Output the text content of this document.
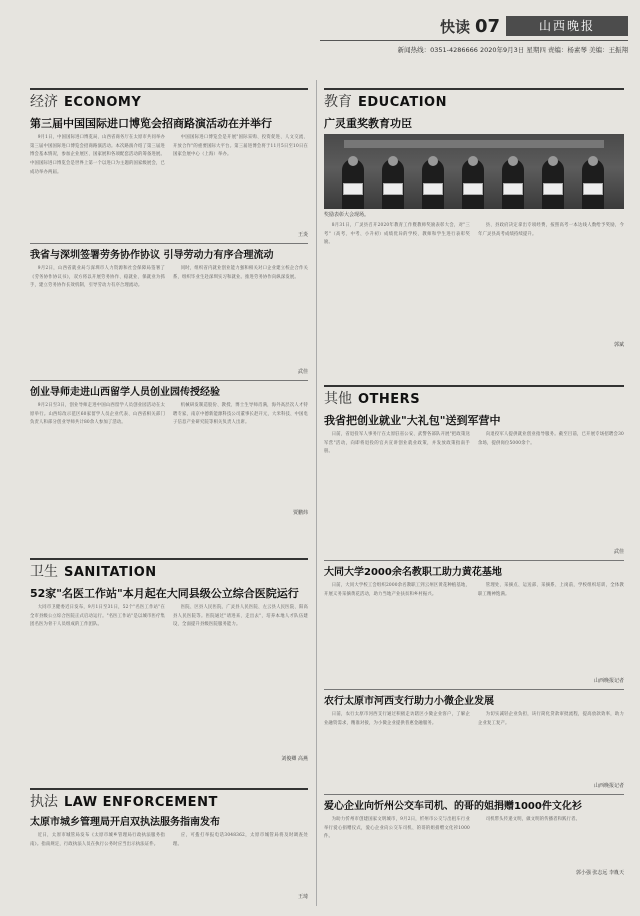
快读 07	山西晚报
新闻热线：0351-4286666 2020年9月3日 星期四 责编：杨素琴 美编：王振翔
经济 ECONOMY
第三届中国国际进口博览会招商路演活动在并举行

9月1日，中国国际进口博览局、山西省商务厅在太原市共同举办第三届中国国际进口博览会招商路演活动。本次路演介绍了第三届进博会基本情况，参加企业展区、国家展和各项配套活动的筹备进展。中国国际进口博览会是世界上第一个以进口为主题的国家级展会，已成功举办两届。

中国国际进口博览会是开展"国际采购、投资促进、人文交流、开放合作"的重要国际大平台。第三届进博会将于11月5日至10日在国家会展中心（上海）举办。

王炎
我省与深圳签署劳务协作协议 引导劳动力有序合理流动

9月2日，山西省就业局与深圳市人力资源和社会保障局签署了《劳务协作协议书》，双方将以开展劳务协作、稳就业、保就业为抓手，建立劳务协作长效机制，引导劳动力有序合理流动。

同时，组织省内就业创业能力强和相关对口企业建立校企合作关系，组织毕业生赴深圳实习和就业。推进劳务协作向纵深发展。

武佳
创业导师走进山西留学人员创业园传授经验

9月2日至3日，创业导师走进中国山西留学人员创业园活动在太原举行。山西综改示范区60家留学人员企业代表、山西省相关部门负责人和部分创业导师共计80余人参加了活动。

机械研发制造股份、教授、博士生导师肖满，海外高层次人才特聘专家，南京中德新能源科技公司董事长赵开元，大米科技、中国电子信息产业研究院等相关负责人出席。

贾鹏炜
卫生 SANITATION
52家"名医工作站"本月起在大同县级公立综合医院运行

大同市卫健委近日发布，9月1日至31日，52个"名医工作站"在全市县级公立综合医院正式启动运行。"名医工作站"是以城市医疗集团名医为骨干人员组成的工作团队。

医院、区县人民医院、广灵县人民医院、左云县人民医院、阳高县人民医院等。医院通过"请进来、走出去"，培养本地人才队伍建设，全面提升县级医院服务能力。

刘俊卿 高燕
执法 LAW ENFORCEMENT
太原市城乡管理局开启双执法服务指南发布

近日，太原市城管局发布《太原市城乡管理局行政执法服务指南》。指南规定，行政执法人员在执行公务时应当出示执法证件。

应，可拨打举报电话3048362，太原市城管局将及时调查处理。

王琦
教育 EDUCATION
广灵重奖教育功臣
奖励表彰大会现场。

8月31日，广灵县召开2020年教育工作暨教师奖励表彰大会，对"三考"（高考、中考、小升初）成绩优异的学校、教师和学生进行表彰奖励。

县、县政府决定拿出专项经费，按照高考一本达线人数给予奖励，今年广灵县高考成绩持续提升。

郭斌
其他 OTHERS
我省把创业就业"大礼包"送到军营中

日前，省退役军人事务厅在太原驻省公安、武警各部队开展"把政策送军营"活动，向即将退役的官兵宣讲创业就业政策，并发放政策指南手册。

向退役军人提供就业创业指导服务。截至目前，已开展专场招聘会30余场，提供岗位5000余个。

武佳
大同大学2000余名教职工助力黄花基地

日前，大同大学校工会组织2000余名教职工到云州区黄花种植基地，开展义务采摘黄花活动，助力当地产业扶贫和乡村振兴。

管理处、采摘点、运送部、采摘系、上岗前，学校组织培训，全体教职工精神饱满。

山西晚报记者
农行太原市河西支行助力小微企业发展

日前，农行太原市河西支行通过积极走访辖区小微企业客户，了解企业融资需求，精准对接，为小微企业提供普惠金融服务。

为切实减轻企业负担，该行简化贷款审批流程，提高放款效率，助力企业复工复产。

山西晚报记者
爱心企业向忻州公交车司机、的哥的姐捐赠1000件文化衫

为助力忻州市创建国家文明城市，9月2日，忻州市公交与出租车行业举行爱心捐赠仪式，爱心企业向公交车司机、的哥的姐捐赠文化衫1000件。

司机带头传递文明，做文明的传播者和践行者。

郭小强 张志远 李胤天
